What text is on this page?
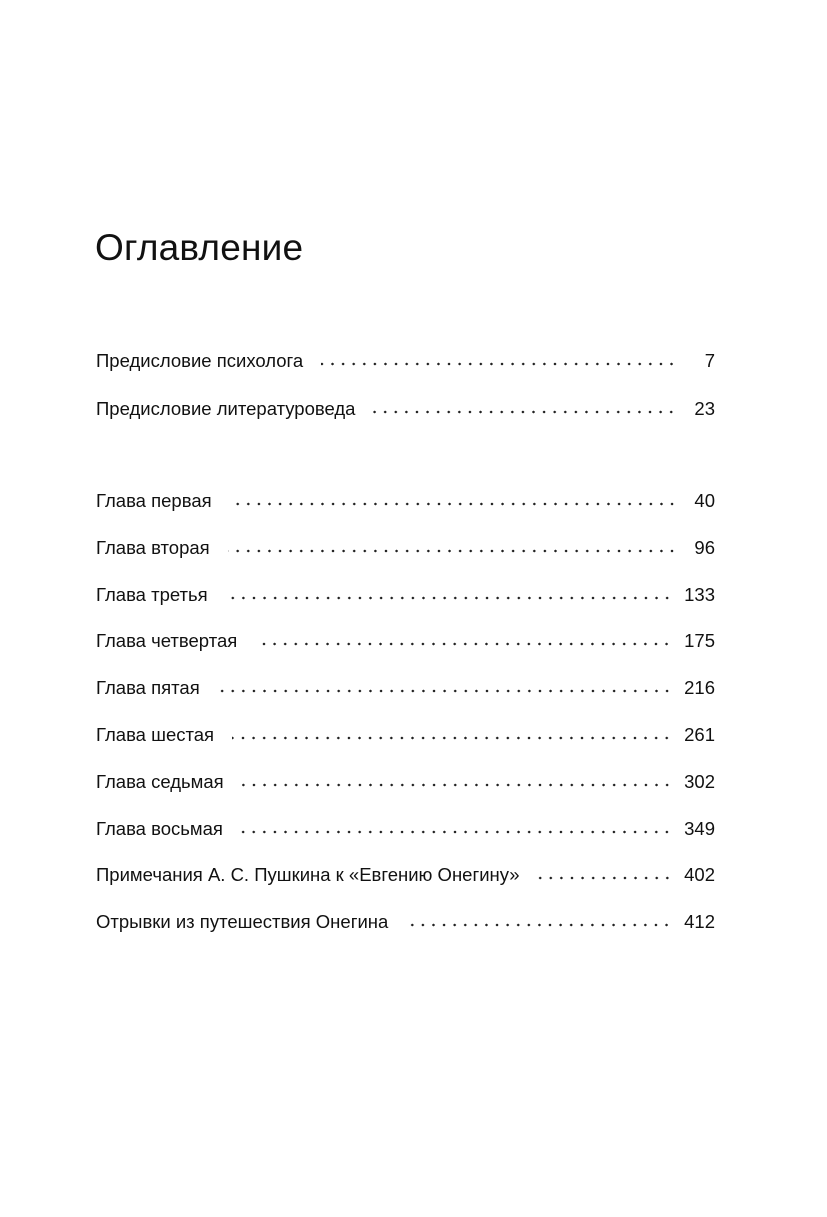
Оглавление
Предисловие психолога	7
Предисловие литературоведа	23
Глава первая	40
Глава вторая	96
Глава третья	133
Глава четвертая	175
Глава пятая	216
Глава шестая	261
Глава седьмая	302
Глава восьмая	349
Примечания А. С. Пушкина к «Евгению Онегину»	402
Отрывки из путешествия Онегина	412
